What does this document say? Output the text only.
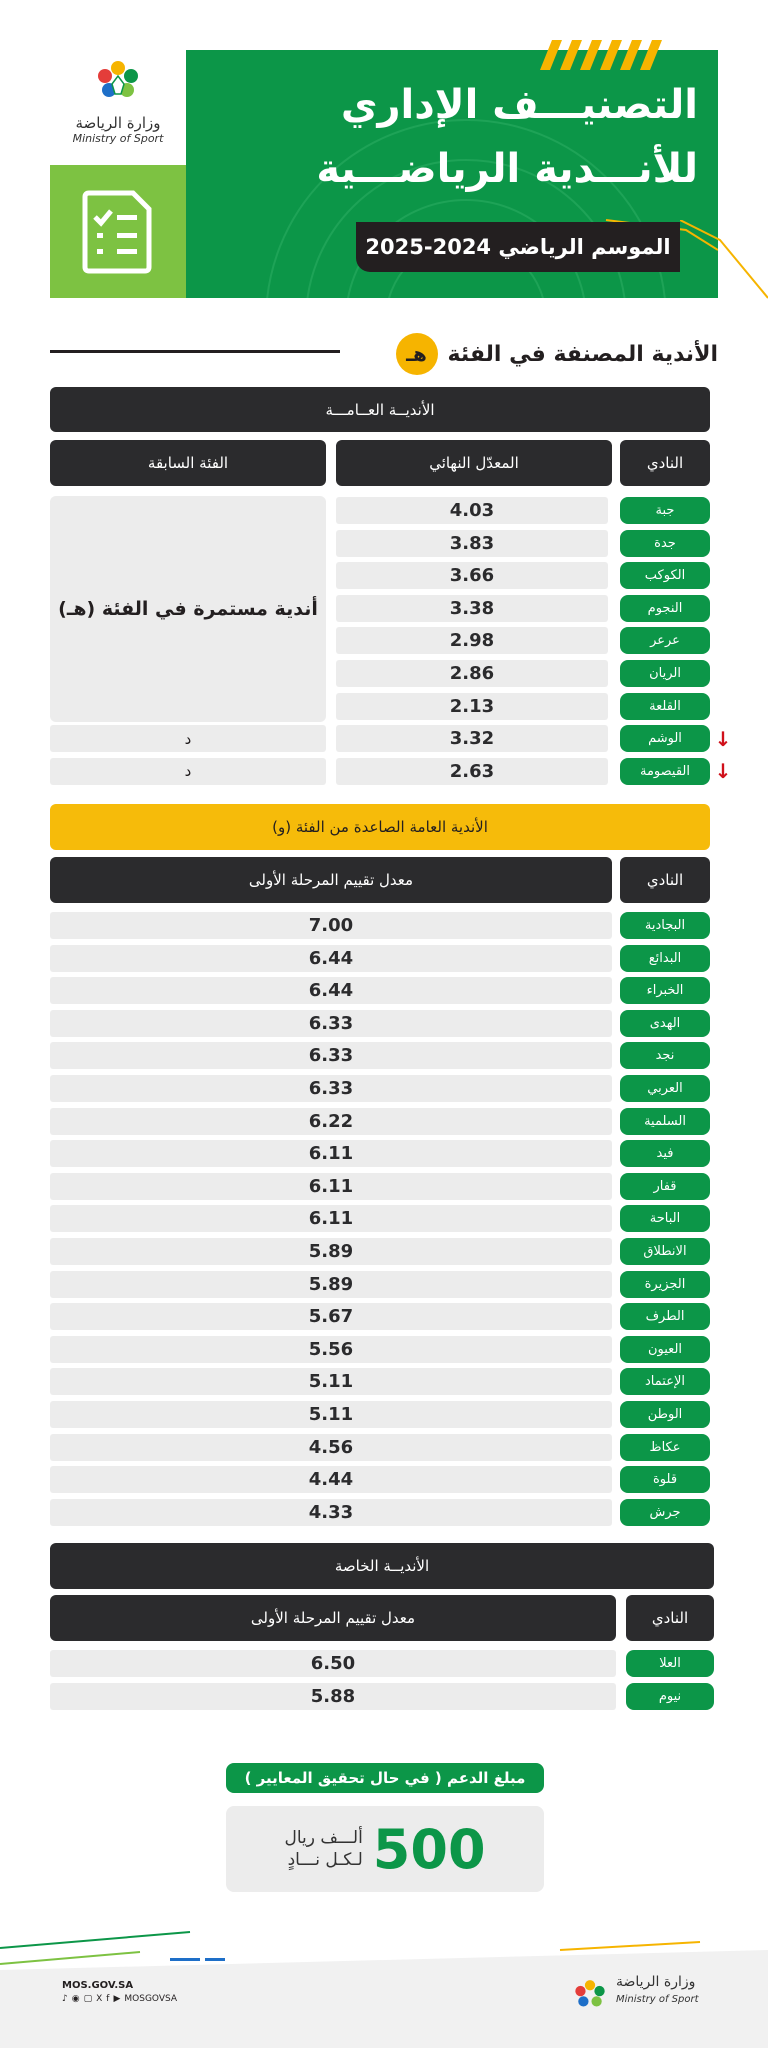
وزارة الرياضة
Ministry of Sport
التصنيـــف الإداري
للأنـــدية الرياضـــية
الموسم الرياضي 2024-2025
الأندية المصنفة في الفئة
هـ
الأنديــة العــامـــة
النادي
المعدّل النهائي
الفئة السابقة
جبة
4.03
جدة
3.83
الكوكب
3.66
النجوم
3.38
عرعر
2.98
الريان
2.86
القلعة
2.13
الوشم
3.32
د	↓
القيصومة
2.63
د	↓
أندية مستمرة في الفئة (هـ)
الأندية العامة الصاعدة من الفئة (و)
النادي
معدل تقييم المرحلة الأولى
البجادية
7.00
البدائع
6.44
الخبراء
6.44
الهدى
6.33
نجد
6.33
العربي
6.33
السلمية
6.22
فيد
6.11
قفار
6.11
الباحة
6.11
الانطلاق
5.89
الجزيرة
5.89
الطرف
5.67
العيون
5.56
الإعتماد
5.11
الوطن
5.11
عكاظ
4.56
قلوة
4.44
جرش
4.33
الأنديــة الخاصة
النادي
معدل تقييم المرحلة الأولى
العلا
6.50
نيوم
5.88
مبلغ الدعم ( في حال تحقيق المعايير )
500
ألـــف ريال
لـكـل نـــادٍ
MOS.GOV.SA
♪ ◉ ▢ X f ▶ MOSGOVSA
وزارة الرياضة
Ministry of Sport
